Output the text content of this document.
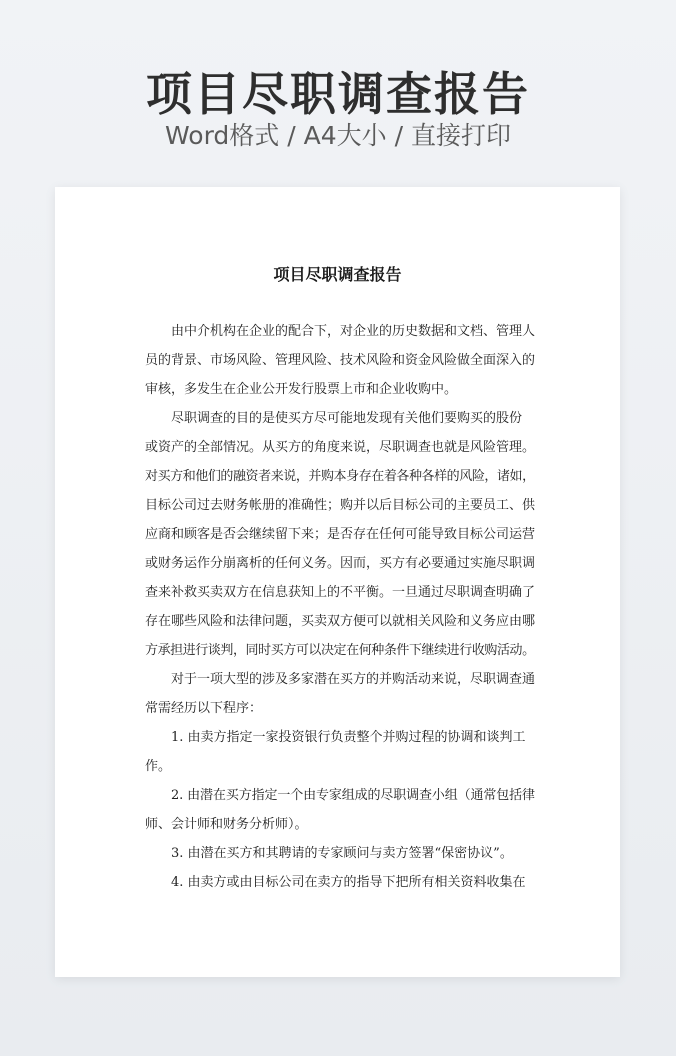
项目尽职调查报告
Word格式 / A4大小 / 直接打印
项目尽职调查报告
由中介机构在企业的配合下，对企业的历史数据和文档、管理人
员的背景、市场风险、管理风险、技术风险和资金风险做全面深入的
审核，多发生在企业公开发行股票上市和企业收购中。
尽职调查的目的是使买方尽可能地发现有关他们要购买的股份
或资产的全部情况。从买方的角度来说，尽职调查也就是风险管理。
对买方和他们的融资者来说，并购本身存在着各种各样的风险，诸如，
目标公司过去财务帐册的准确性；购并以后目标公司的主要员工、供
应商和顾客是否会继续留下来；是否存在任何可能导致目标公司运营
或财务运作分崩离析的任何义务。因而，买方有必要通过实施尽职调
查来补救买卖双方在信息获知上的不平衡。一旦通过尽职调查明确了
存在哪些风险和法律问题，买卖双方便可以就相关风险和义务应由哪
方承担进行谈判，同时买方可以决定在何种条件下继续进行收购活动。
对于一项大型的涉及多家潜在买方的并购活动来说，尽职调查通
常需经历以下程序：
1. 由卖方指定一家投资银行负责整个并购过程的协调和谈判工
作。
2. 由潜在买方指定一个由专家组成的尽职调查小组（通常包括律
师、会计师和财务分析师）。
3. 由潜在买方和其聘请的专家顾问与卖方签署“保密协议”。
4. 由卖方或由目标公司在卖方的指导下把所有相关资料收集在
